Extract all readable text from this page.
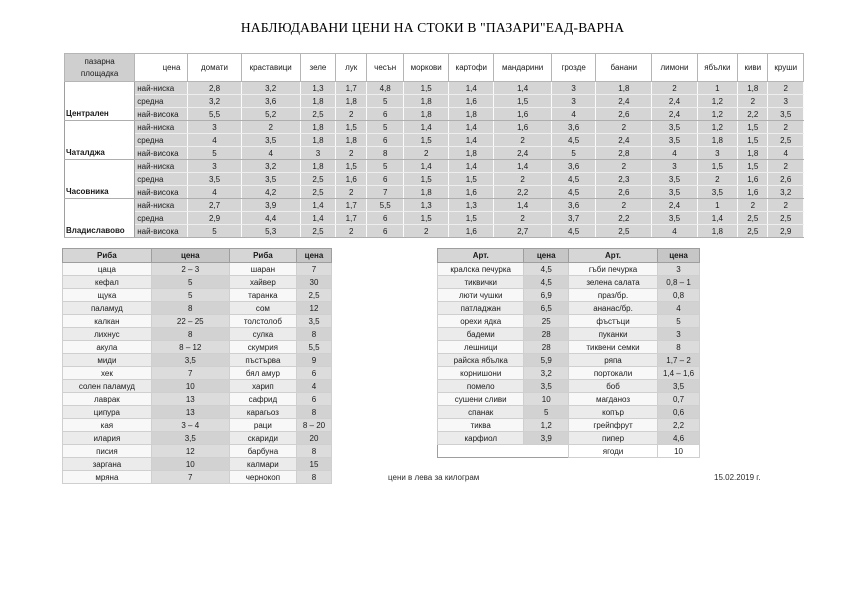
НАБЛЮДАВАНИ ЦЕНИ НА СТОКИ В "ПАЗАРИ"ЕАД-ВАРНА
пазарна
площадка	цена	домати	краставици	зеле	лук	чесън	моркови	картофи	мандарини	грозде	банани	лимони	ябълки	киви	круши
	най-ниска	2,8	3,2	1,3	1,7	4,8	1,5	1,4	1,4	3	1,8	2	1	1,8	2
	средна	3,2	3,6	1,8	1,8	5	1,8	1,6	1,5	3	2,4	2,4	1,2	2	3
Централен	най-висока	5,5	5,2	2,5	2	6	1,8	1,8	1,6	4	2,6	2,4	1,2	2,2	3,5
	най-ниска	3	2	1,8	1,5	5	1,4	1,4	1,6	3,6	2	3,5	1,2	1,5	2
	средна	4	3,5	1,8	1,8	6	1,5	1,4	2	4,5	2,4	3,5	1,8	1,5	2,5
Чаталджа	най-висока	5	4	3	2	8	2	1,8	2,4	5	2,8	4	3	1,8	4
	най-ниска	3	3,2	1,8	1,5	5	1,4	1,4	1,4	3,6	2	3	1,5	1,5	2
	средна	3,5	3,5	2,5	1,6	6	1,5	1,5	2	4,5	2,3	3,5	2	1,6	2,6
Часовника	най-висока	4	4,2	2,5	2	7	1,8	1,6	2,2	4,5	2,6	3,5	3,5	1,6	3,2
	най-ниска	2,7	3,9	1,4	1,7	5,5	1,3	1,3	1,4	3,6	2	2,4	1	2	2
	средна	2,9	4,4	1,4	1,7	6	1,5	1,5	2	3,7	2,2	3,5	1,4	2,5	2,5
Владиславово	най-висока	5	5,3	2,5	2	6	2	1,6	2,7	4,5	2,5	4	1,8	2,5	2,9
Риба	цена	Риба	цена
цаца	2 – 3	шаран	7
кефал	5	хайвер	30
щука	5	таранка	2,5
паламуд	8	сом	12
калкан	22 – 25	толстолоб	3,5
лихнус	8	сулка	8
акула	8 – 12	скумрия	5,5
миди	3,5	пъстърва	9
хек	7	бял амур	6
солен паламуд	10	харип	4
лаврак	13	сафрид	6
ципура	13	карагьоз	8
кая	3 – 4	раци	8 – 20
илария	3,5	скариди	20
писия	12	барбуна	8
заргана	10	калмари	15
мряна	7	чернокоп	8
Арт.	цена	Арт.	цена
кралска печурка	4,5	гъби печурка	3
тиквички	4,5	зелена салата	0,8 – 1
люти чушки	6,9	праз/бр.	0,8
патладжан	6,5	ананас/бр.	4
орехи ядка	25	фъстъци	5
бадеми	28	пуканки	3
лешници	28	тиквени семки	8
райска ябълка	5,9	ряпа	1,7 – 2
корнишони	3,2	портокали	1,4 – 1,6
помело	3,5	боб	3,5
сушени сливи	10	магданоз	0,7
спанак	5	копър	0,6
тиква	1,2	грейпфрут	2,2
карфиол	3,9	пипер	4,6
		ягоди	10
цени в лева за килограм	15.02.2019 г.
